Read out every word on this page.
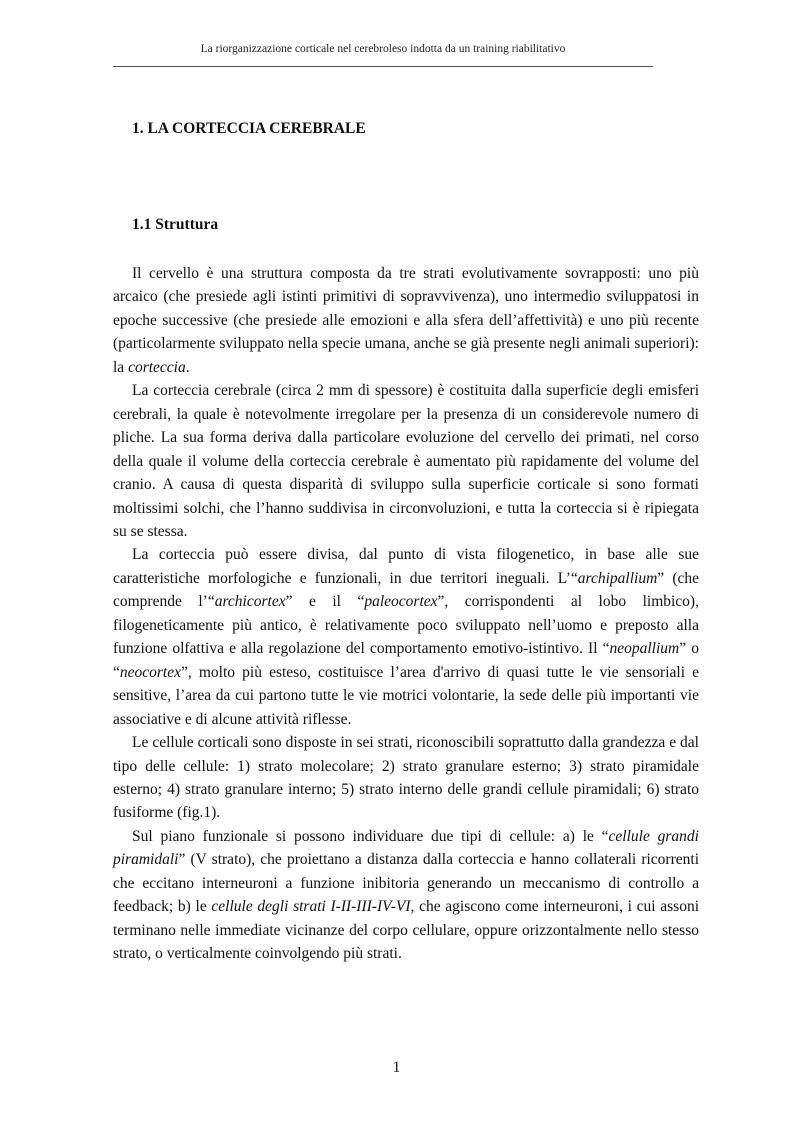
La riorganizzazione corticale nel cerebroleso indotta da un training riabilitativo
1. LA CORTECCIA CEREBRALE
1.1 Struttura

Il cervello è una struttura composta da tre strati evolutivamente sovrapposti: uno più arcaico (che presiede agli istinti primitivi di sopravvivenza), uno intermedio sviluppatosi in epoche successive (che presiede alle emozioni e alla sfera dell’affettività) e uno più recente (particolarmente sviluppato nella specie umana, anche se già presente negli animali superiori): la corteccia.

La corteccia cerebrale (circa 2 mm di spessore) è costituita dalla superficie degli emisferi cerebrali, la quale è notevolmente irregolare per la presenza di un considerevole numero di pliche. La sua forma deriva dalla particolare evoluzione del cervello dei primati, nel corso della quale il volume della corteccia cerebrale è aumentato più rapidamente del volume del cranio. A causa di questa disparità di sviluppo sulla superficie corticale si sono formati moltissimi solchi, che l’hanno suddivisa in circonvoluzioni, e tutta la corteccia si è ripiegata su se stessa.

La corteccia può essere divisa, dal punto di vista filogenetico, in base alle sue caratteristiche morfologiche e funzionali, in due territori ineguali. L’“archipallium” (che comprende l’“archicortex” e il “paleocortex”, corrispondenti al lobo limbico), filogeneticamente più antico, è relativamente poco sviluppato nell’uomo e preposto alla funzione olfattiva e alla regolazione del comportamento emotivo-istintivo. Il “neopallium” o “neocortex”, molto più esteso, costituisce l’area d'arrivo di quasi tutte le vie sensoriali e sensitive, l’area da cui partono tutte le vie motrici volontarie, la sede delle più importanti vie associative e di alcune attività riflesse.

Le cellule corticali sono disposte in sei strati, riconoscibili soprattutto dalla grandezza e dal tipo delle cellule: 1) strato molecolare; 2) strato granulare esterno; 3) strato piramidale esterno; 4) strato granulare interno; 5) strato interno delle grandi cellule piramidali; 6) strato fusiforme (fig.1).

Sul piano funzionale si possono individuare due tipi di cellule: a) le “cellule grandi piramidali” (V strato), che proiettano a distanza dalla corteccia e hanno collaterali ricorrenti che eccitano interneuroni a funzione inibitoria generando un meccanismo di controllo a feedback; b) le cellule degli strati I-II-III-IV-VI, che agiscono come interneuroni, i cui assoni terminano nelle immediate vicinanze del corpo cellulare, oppure orizzontalmente nello stesso strato, o verticalmente coinvolgendo più strati.

1
